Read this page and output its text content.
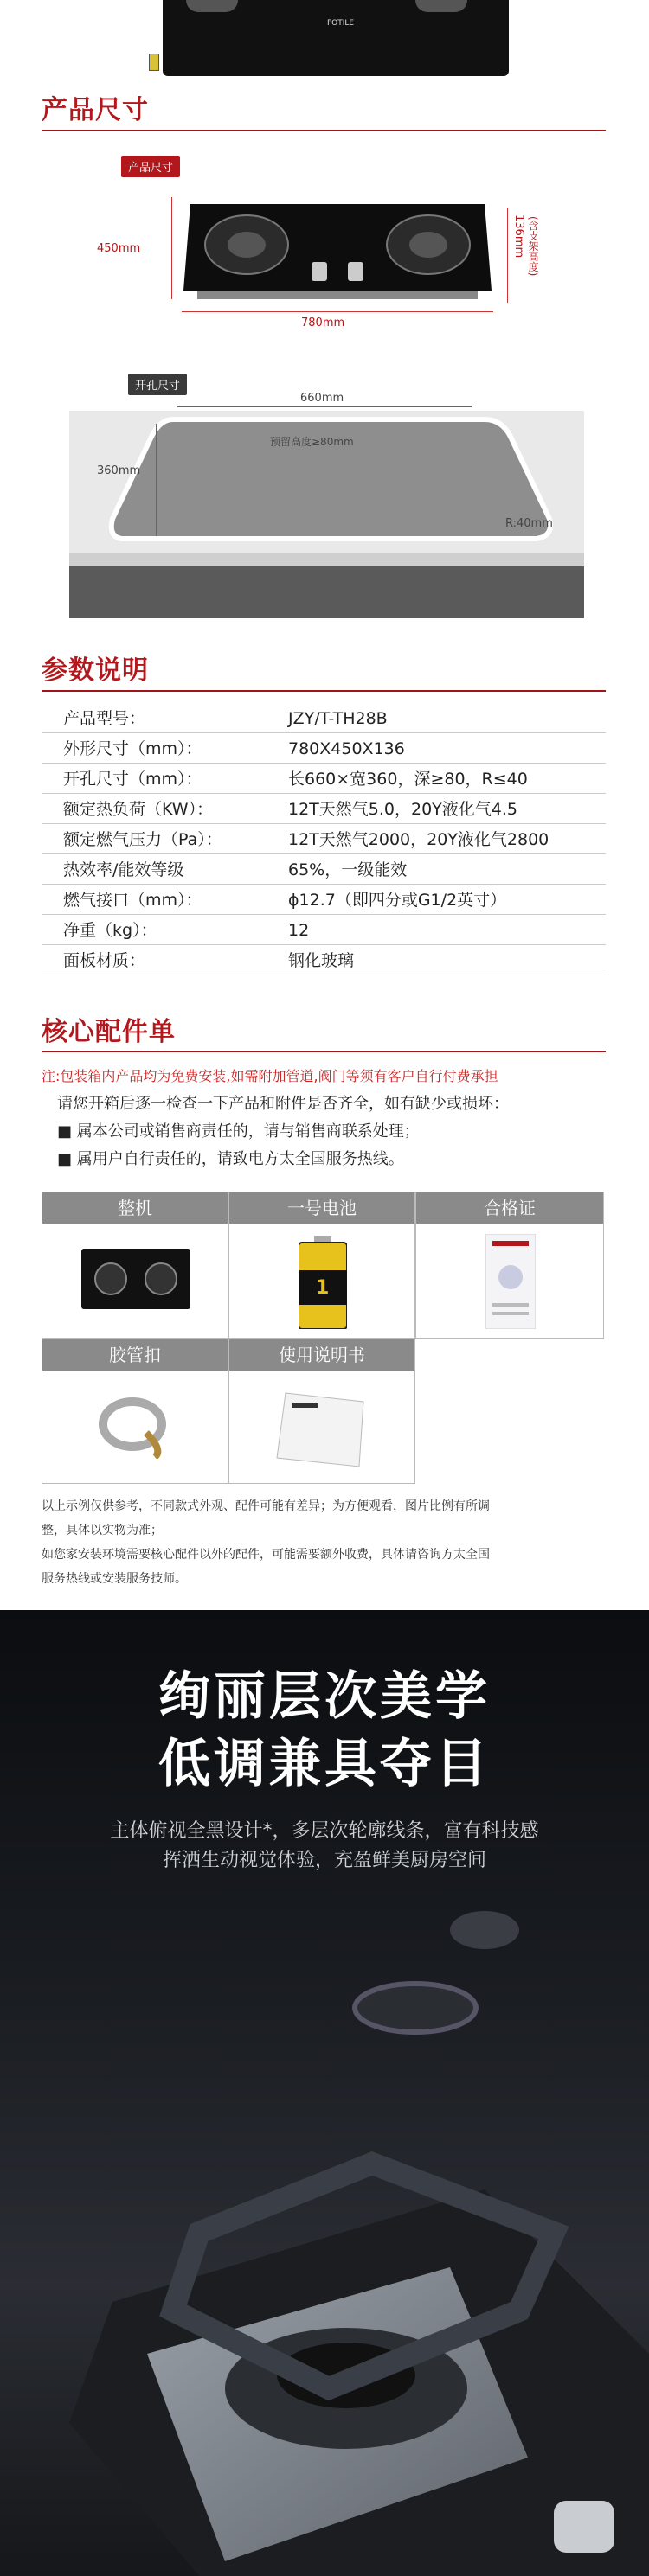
FOTILE
产品尺寸
产品尺寸
450mm	136mm (含支架高度)
780mm
开孔尺寸
660mm
360mm
预留高度≥80mm
R:40mm
参数说明
产品型号：	JZY/T-TH28B
外形尺寸（mm）：	780X450X136
开孔尺寸（mm）：	长660×宽360，深≥80，R≤40
额定热负荷（KW）：	12T天然气5.0，20Y液化气4.5
额定燃气压力（Pa）：	12T天然气2000，20Y液化气2800
热效率/能效等级	65%，一级能效
燃气接口（mm）：	ϕ12.7（即四分或G1/2英寸）
净重（kg）：	12
面板材质：	钢化玻璃
核心配件单
注:包装箱内产品均为免费安装,如需附加管道,阀门等须有客户自行付费承担
请您开箱后逐一检查一下产品和附件是否齐全，如有缺少或损坏：
■ 属本公司或销售商责任的，请与销售商联系处理；
■ 属用户自行责任的，请致电方太全国服务热线。
整机	一号电池
1
合格证
胶管扣	使用说明书
以上示例仅供参考，不同款式外观、配件可能有差异；为方便观看，图片比例有所调
整，具体以实物为准；
如您家安装环境需要核心配件以外的配件，可能需要额外收费，具体请咨询方太全国
服务热线或安装服务技师。
绚丽层次美学
低调兼具夺目
主体俯视全黑设计*，多层次轮廓线条，富有科技感
挥洒生动视觉体验，充盈鲜美厨房空间
